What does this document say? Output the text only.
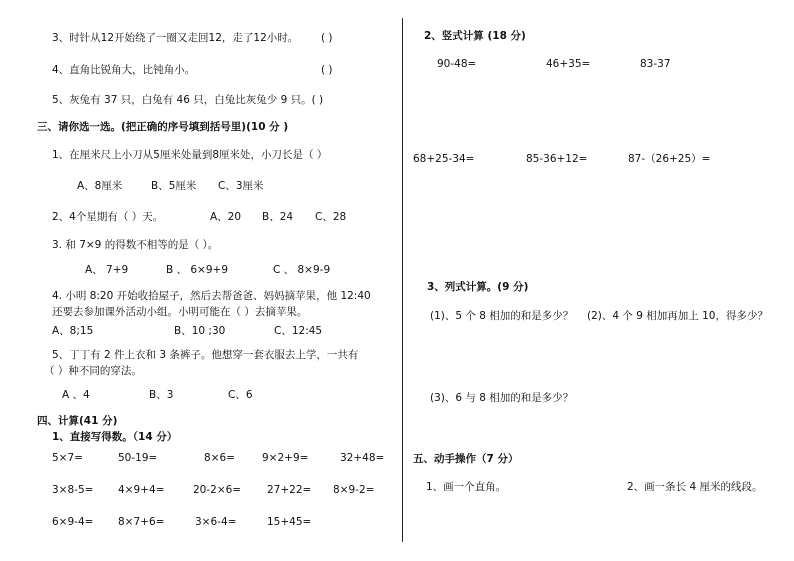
3、时针从12开始绕了一圈又走回12，走了12小时。 ( )
4、直角比锐角大，比钝角小。	( )
5、灰兔有 37 只，白兔有 46 只，白兔比灰兔少 9 只。( )
三、请你选一选。(把正确的序号填到括号里)(10 分 )
1、在厘米尺上小刀从5厘米处量到8厘米处，小刀长是（ ）
A、8厘米	B、5厘米 C、3厘米
2、4个星期有（ ）天。	A、20 B、24 C、28
3. 和 7×9 的得数不相等的是（ ）。
A、 7+9	B 、 6×9+9	C 、 8×9-9
4. 小明 8:20 开始收拾屋子，然后去帮爸爸、妈妈摘苹果，他 12:40
还要去参加课外活动小组。小明可能在（ ）去摘苹果。
A、8;15	B、10 ;30	C、12:45
5、丁丁有 2 件上衣和 3 条裤子。他想穿一套衣服去上学，一共有
（ ）种不同的穿法。
A 、4	B、3	C、6
四、计算(41 分)
1、直接写得数。（14 分）
5×7=	50-19=	8×6=	9×2+9=	32+48=
3×8-5= 4×9+4=	20-2×6= 27+22= 8×9-2=
6×9-4= 8×7+6=	3×6-4=	15+45=
2、竖式计算 (18 分)
90-48=	46+35=	83-37
68+25-34=	85-36+12=	87-（26+25）=
3、列式计算。(9 分)
(1)、5 个 8 相加的和是多少？ (2)、4 个 9 相加再加上 10，得多少？
(3)、6 与 8 相加的和是多少？
五、动手操作（7 分）
1、画一个直角。	2、画一条长 4 厘米的线段。
